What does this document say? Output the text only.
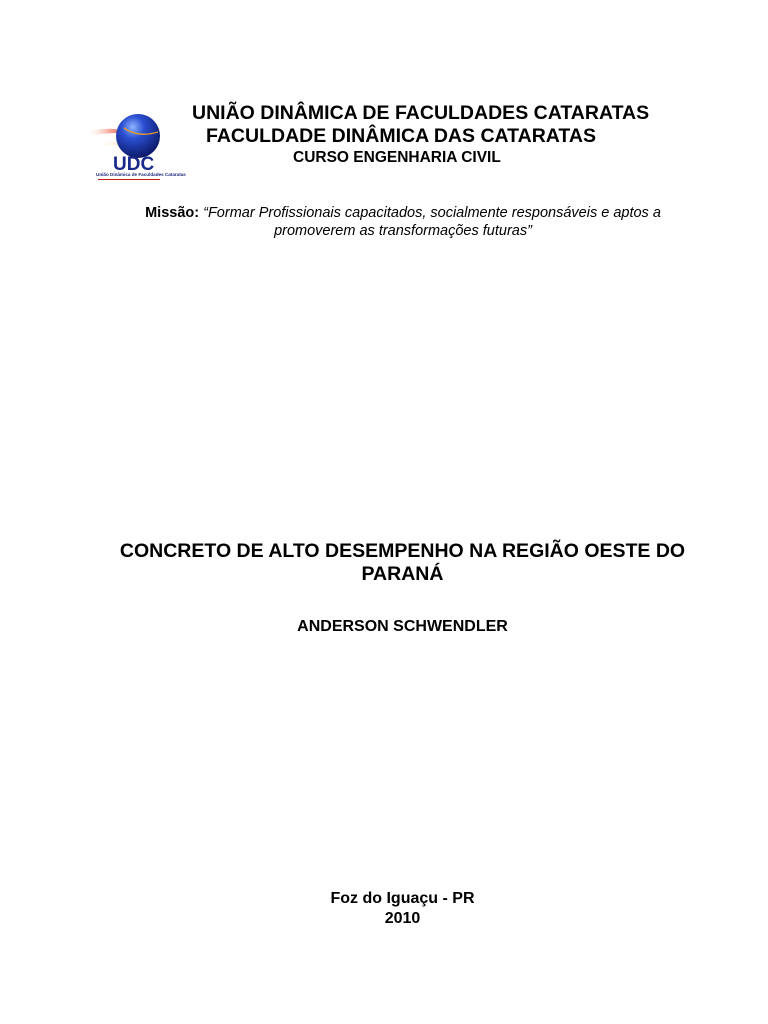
UDC
União Dinâmica de Faculdades Cataratas
UNIÃO DINÂMICA DE FACULDADES CATARATAS
FACULDADE DINÂMICA DAS CATARATAS
CURSO ENGENHARIA CIVIL
Missão: “Formar Profissionais capacitados, socialmente responsáveis e aptos a promoverem as transformações futuras”
CONCRETO DE ALTO DESEMPENHO NA REGIÃO OESTE DO PARANÁ
ANDERSON SCHWENDLER
Foz do Iguaçu - PR
2010
